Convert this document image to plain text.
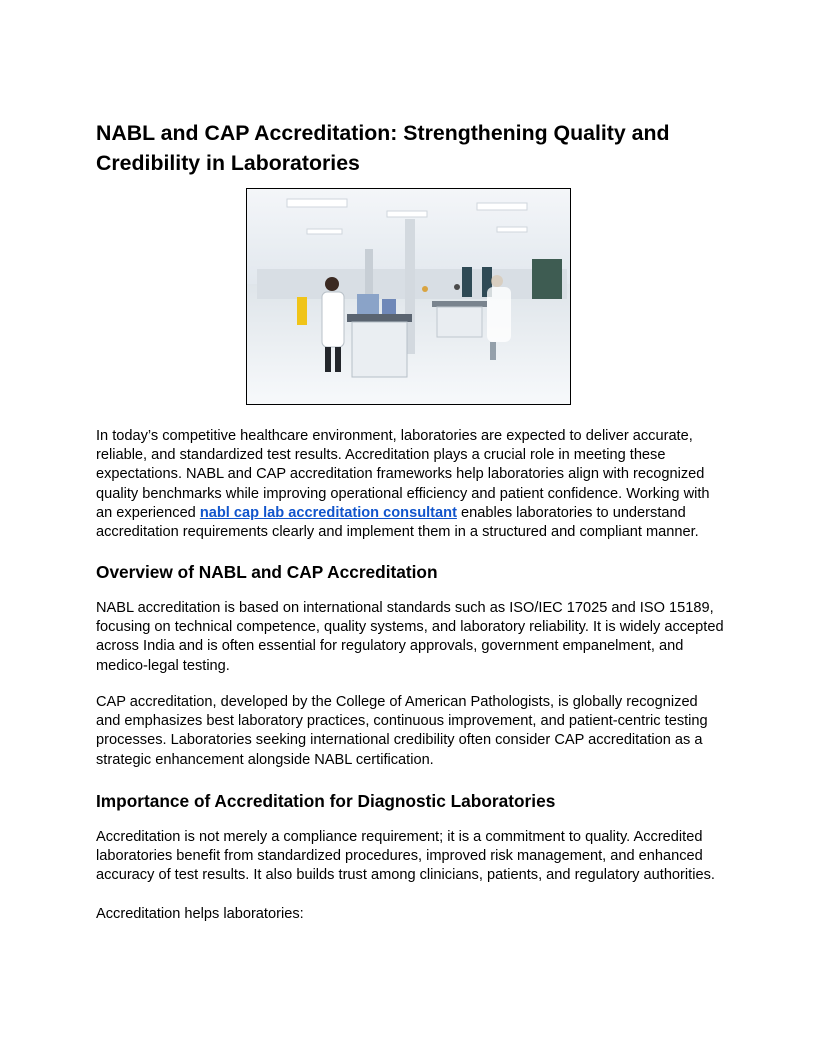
NABL and CAP Accreditation: Strengthening Quality and Credibility in Laboratories

In today’s competitive healthcare environment, laboratories are expected to deliver accurate, reliable, and standardized test results. Accreditation plays a crucial role in meeting these expectations. NABL and CAP accreditation frameworks help laboratories align with recognized quality benchmarks while improving operational efficiency and patient confidence. Working with an experienced nabl cap lab accreditation consultant enables laboratories to understand accreditation requirements clearly and implement them in a structured and compliant manner.

Overview of NABL and CAP Accreditation

NABL accreditation is based on international standards such as ISO/IEC 17025 and ISO 15189, focusing on technical competence, quality systems, and laboratory reliability. It is widely accepted across India and is often essential for regulatory approvals, government empanelment, and medico-legal testing.

CAP accreditation, developed by the College of American Pathologists, is globally recognized and emphasizes best laboratory practices, continuous improvement, and patient-centric testing processes. Laboratories seeking international credibility often consider CAP accreditation as a strategic enhancement alongside NABL certification.

Importance of Accreditation for Diagnostic Laboratories

Accreditation is not merely a compliance requirement; it is a commitment to quality. Accredited laboratories benefit from standardized procedures, improved risk management, and enhanced accuracy of test results. It also builds trust among clinicians, patients, and regulatory authorities.

Accreditation helps laboratories:
